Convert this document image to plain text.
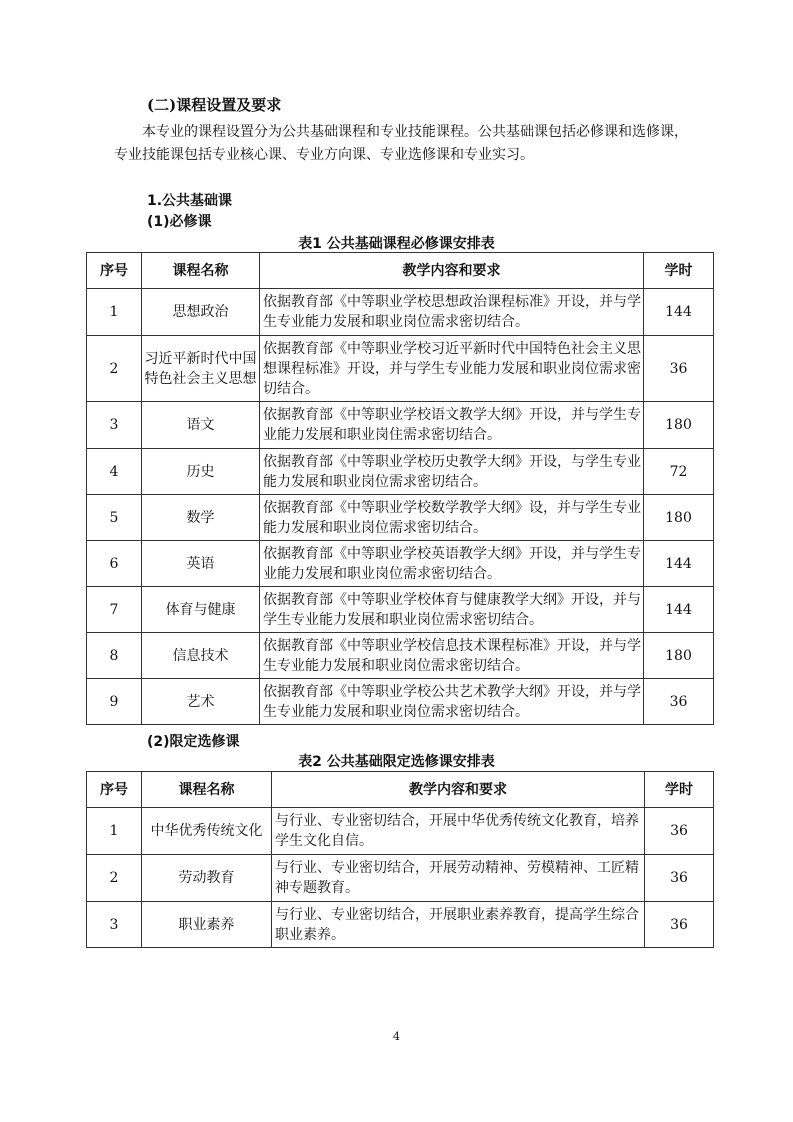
(二)课程设置及要求
本专业的课程设置分为公共基础课程和专业技能课程。公共基础课包括必修课和选修课，专业技能课包括专业核心课、专业方向课、专业选修课和专业实习。
1.公共基础课
(1)必修课
表1 公共基础课程必修课安排表
序号	课程名称	教学内容和要求	学时
1	思想政治	依据教育部《中等职业学校思想政治课程标准》开设，并与学生专业能力发展和职业岗位需求密切结合。	144
2	习近平新时代中国特色社会主义思想	依据教育部《中等职业学校习近平新时代中国特色社会主义思想课程标准》开设，并与学生专业能力发展和职业岗位需求密切结合。	36
3	语文	依据教育部《中等职业学校语文教学大纲》开设，并与学生专业能力发展和职业岗住需求密切结合。	180
4	历史	依据教育部《中等职业学校历史教学大纲》开设，与学生专业能力发展和职业岗位需求密切结合。	72
5	数学	依据教育部《中等职业学校数学教学大纲》设，并与学生专业能力发展和职业岗位需求密切结合。	180
6	英语	依据教育部《中等职业学校英语教学大纲》开设，并与学生专业能力发展和职业岗位需求密切结合。	144
7	体育与健康	依据教育部《中等职业学校体育与健康教学大纲》开设，并与学生专业能力发展和职业岗位需求密切结合。	144
8	信息技术	依据教育部《中等职业学校信息技术课程标准》开设，并与学生专业能力发展和职业岗位需求密切结合。	180
9	艺术	依据教育部《中等职业学校公共艺术教学大纲》开设，并与学生专业能力发展和职业岗位需求密切结合。	36
(2)限定选修课
表2 公共基础限定选修课安排表
序号	课程名称	教学内容和要求	学时
1	中华优秀传统文化	与行业、专业密切结合，开展中华优秀传统文化教育，培养学生文化自信。	36
2	劳动教育	与行业、专业密切结合，开展劳动精神、劳模精神、工匠精神专题教育。	36
3	职业素养	与行业、专业密切结合，开展职业素养教育，提高学生综合职业素养。	36
4
